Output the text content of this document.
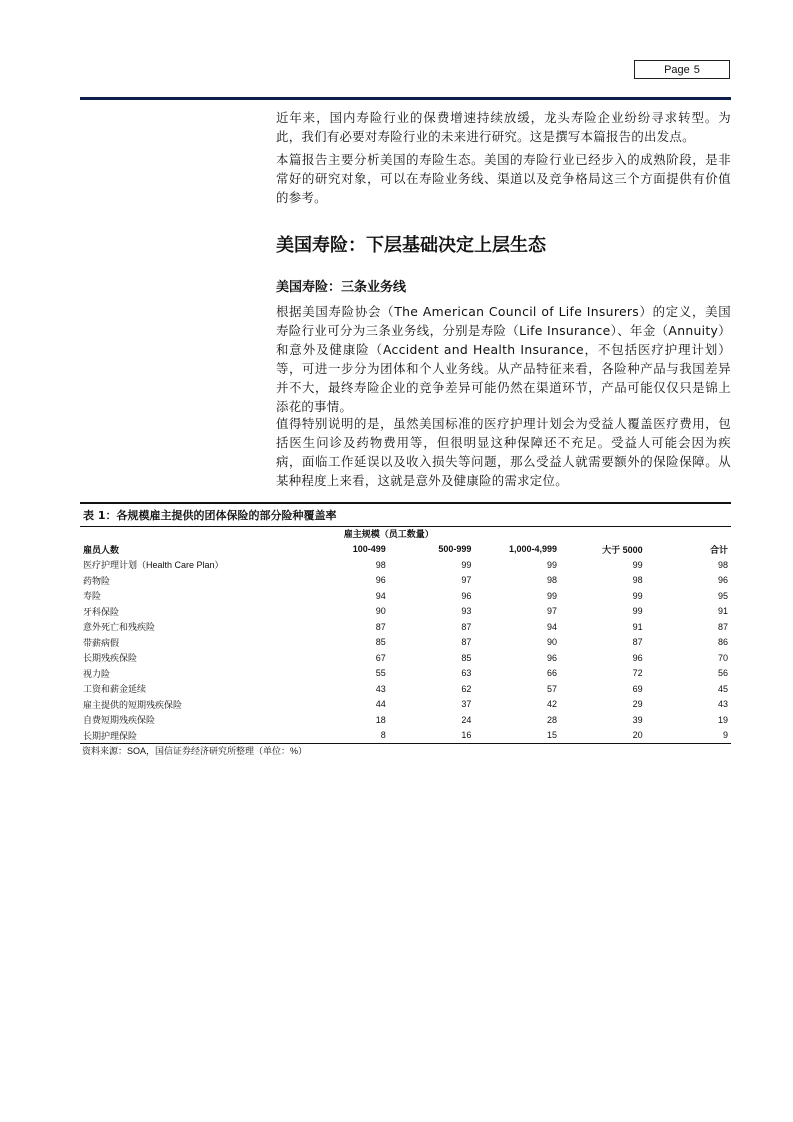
Page 5

近年来，国内寿险行业的保费增速持续放缓，龙头寿险企业纷纷寻求转型。为此，我们有必要对寿险行业的未来进行研究。这是撰写本篇报告的出发点。

本篇报告主要分析美国的寿险生态。美国的寿险行业已经步入的成熟阶段，是非常好的研究对象，可以在寿险业务线、渠道以及竞争格局这三个方面提供有价值的参考。

美国寿险：下层基础决定上层生态
美国寿险：三条业务线

根据美国寿险协会（The American Council of Life Insurers）的定义，美国寿险行业可分为三条业务线，分别是寿险（Life Insurance）、年金（Annuity）和意外及健康险（Accident and Health Insurance，不包括医疗护理计划）等，可进一步分为团体和个人业务线。从产品特征来看，各险种产品与我国差异并不大，最终寿险企业的竞争差异可能仍然在渠道环节，产品可能仅仅只是锦上添花的事情。

值得特别说明的是，虽然美国标准的医疗护理计划会为受益人覆盖医疗费用，包括医生问诊及药物费用等，但很明显这种保障还不充足。受益人可能会因为疾病，面临工作延误以及收入损失等问题，那么受益人就需要额外的保险保障。从某种程度上来看，这就是意外及健康险的需求定位。

表 1：各规模雇主提供的团体保险的部分险种覆盖率
	雇主规模（员工数量）				
雇员人数	100-499	500-999	1,000-4,999	大于 5000	合计
医疗护理计划（Health Care Plan）	98	99	99	99	98
药物险	96	97	98	98	96
寿险	94	96	99	99	95
牙科保险	90	93	97	99	91
意外死亡和残疾险	87	87	94	91	87
带薪病假	85	87	90	87	86
长期残疾保险	67	85	96	96	70
视力险	55	63	66	72	56
工资和薪金延续	43	62	57	69	45
雇主提供的短期残疾保险	44	37	42	29	43
自费短期残疾保险	18	24	28	39	19
长期护理保险	8	16	15	20	9
资料来源：SOA，国信证券经济研究所整理（单位：%）
